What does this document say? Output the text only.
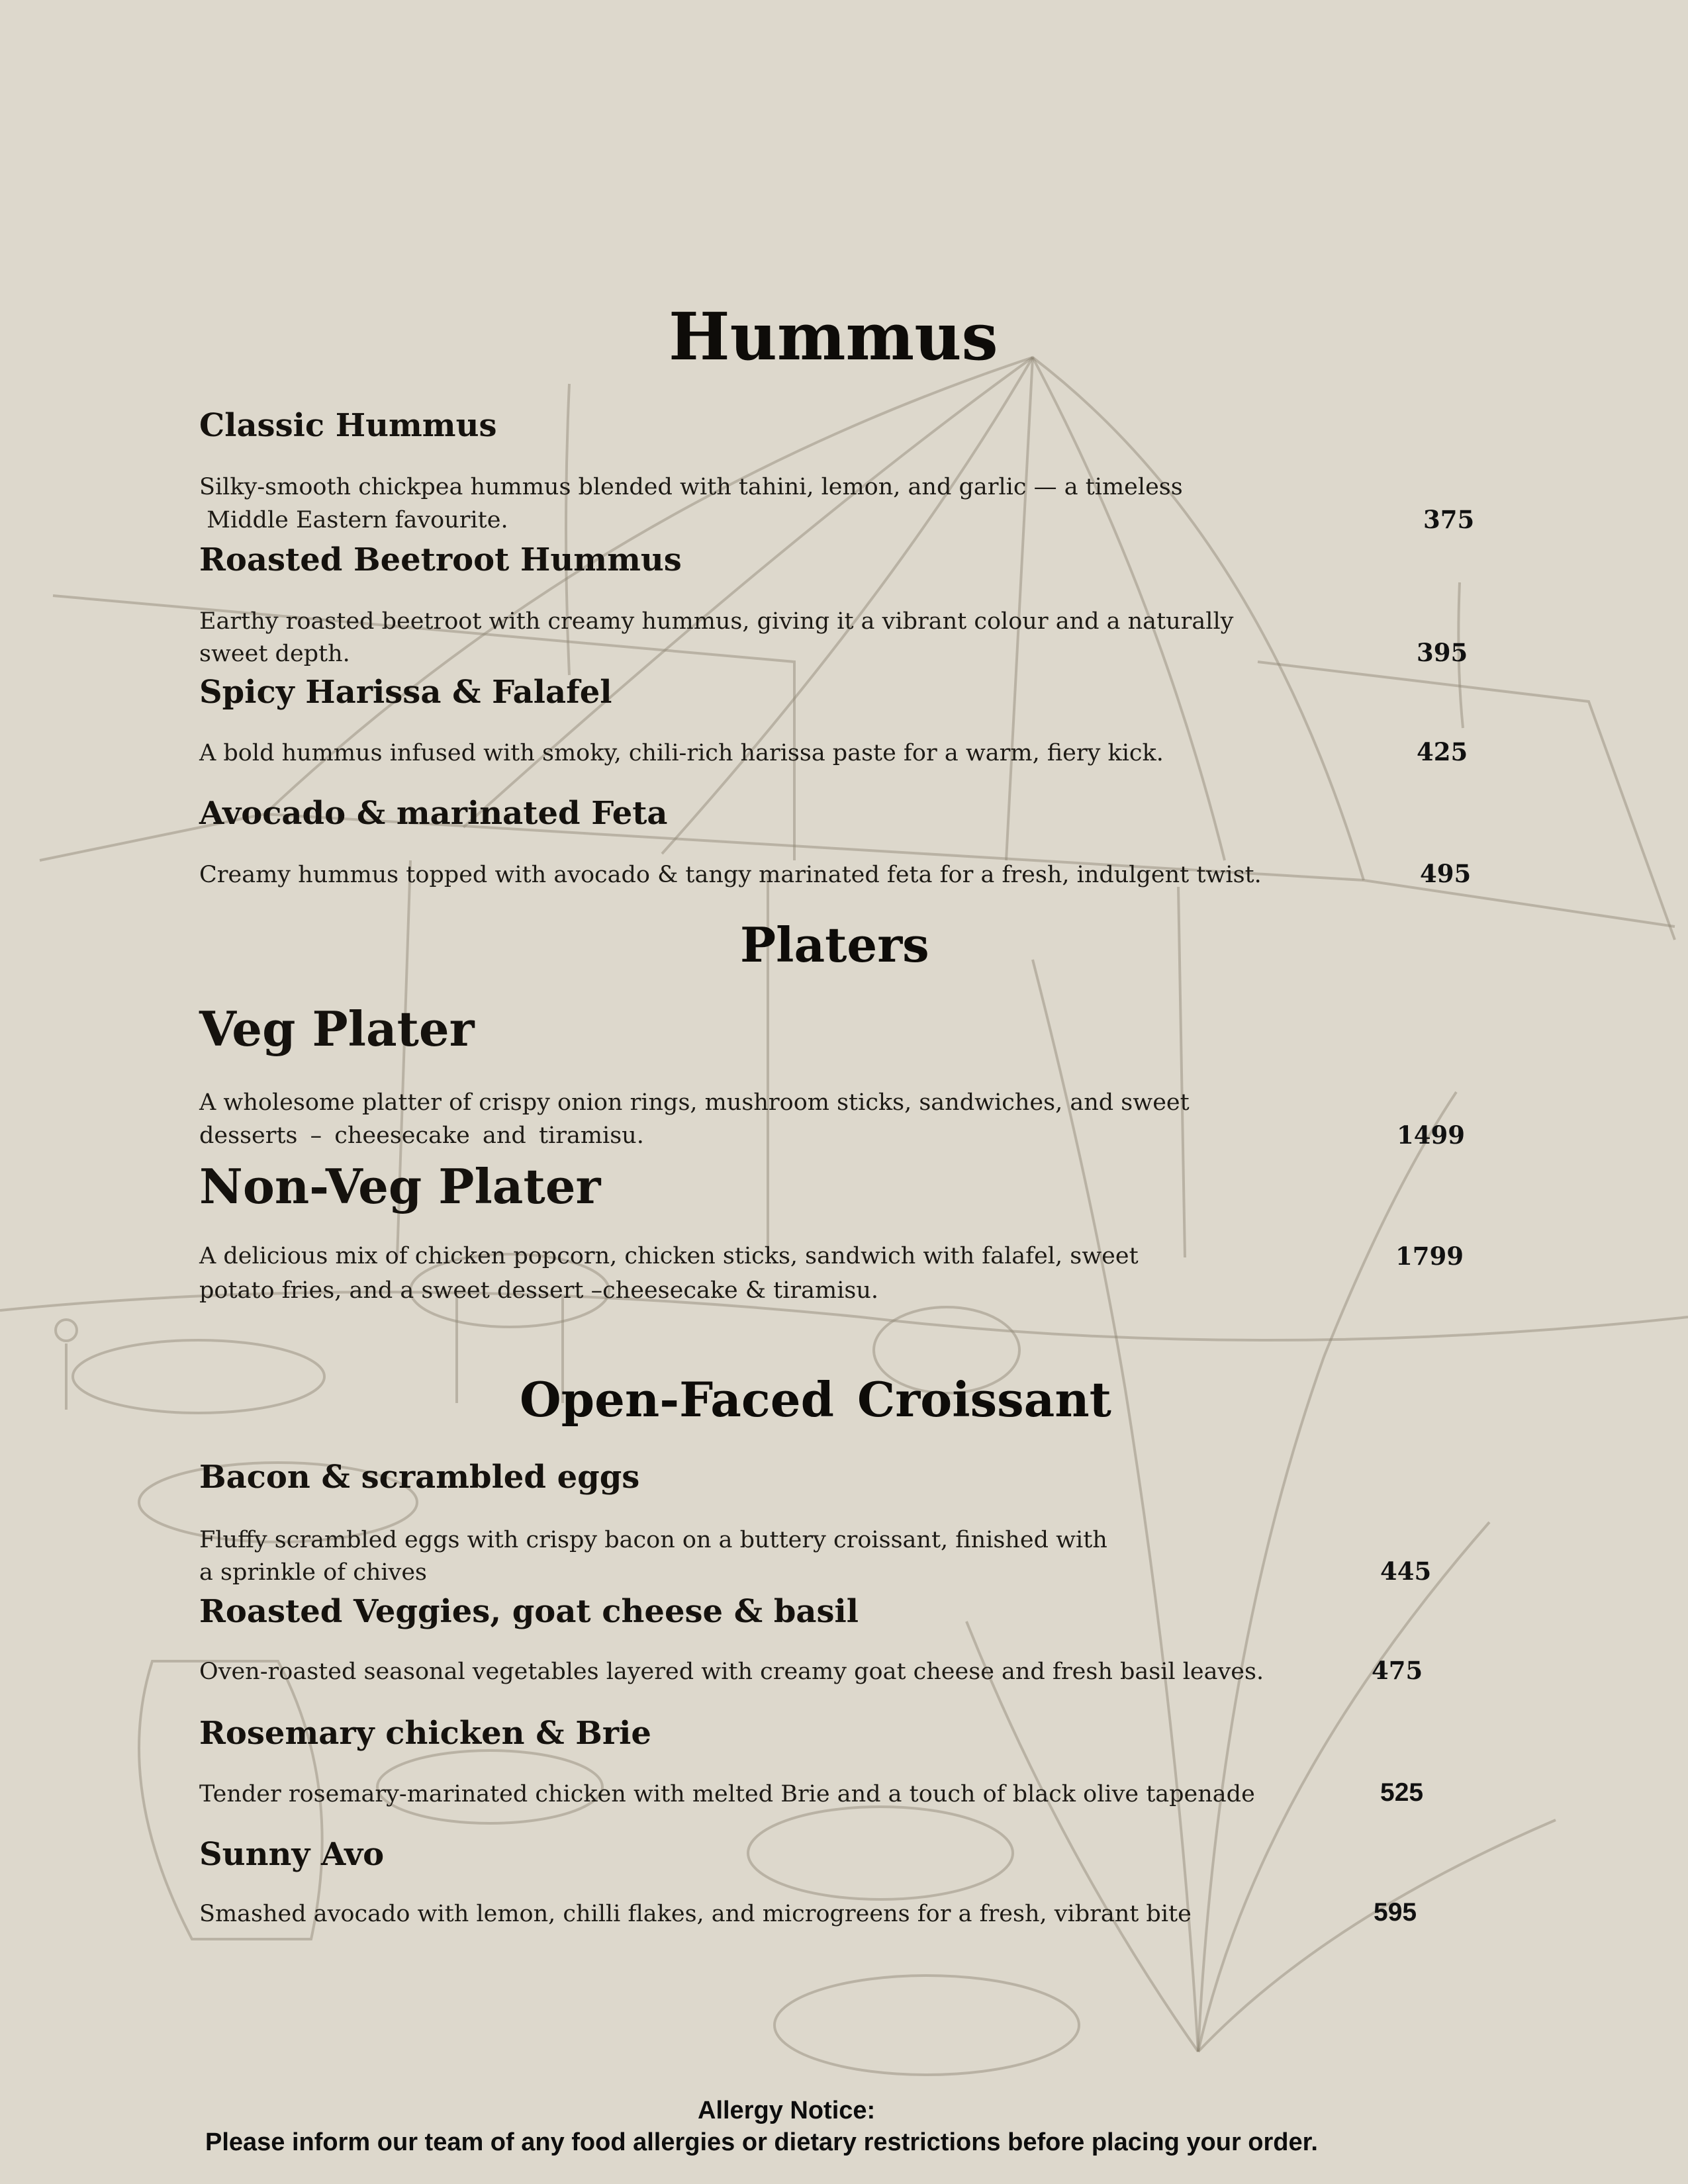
Hummus
Classic Hummus
Silky-smooth chickpea hummus blended with tahini, lemon, and garlic — a timeless
Middle Eastern favourite.	375
Roasted Beetroot Hummus
Earthy roasted beetroot with creamy hummus, giving it a vibrant colour and a naturally
sweet depth.	395
Spicy Harissa & Falafel
A bold hummus infused with smoky, chili-rich harissa paste for a warm, fiery kick.	425
Avocado & marinated Feta
Creamy hummus topped with avocado & tangy marinated feta for a fresh, indulgent twist.	495
Platers
Veg Plater
A wholesome platter of crispy onion rings, mushroom sticks, sandwiches, and sweet
desserts – cheesecake and tiramisu.	1499
Non-Veg Plater
A delicious mix of chicken popcorn, chicken sticks, sandwich with falafel, sweet
potato fries, and a sweet dessert –cheesecake & tiramisu.
1799
Open-Faced Croissant
Bacon & scrambled eggs
Fluffy scrambled eggs with crispy bacon on a buttery croissant, finished with
a sprinkle of chives	445
Roasted Veggies, goat cheese & basil
Oven-roasted seasonal vegetables layered with creamy goat cheese and fresh basil leaves.	475
Rosemary chicken & Brie
Tender rosemary-marinated chicken with melted Brie and a touch of black olive tapenade	525
Sunny Avo
Smashed avocado with lemon, chilli flakes, and microgreens for a fresh, vibrant bite	595
Allergy Notice:
Please inform our team of any food allergies or dietary restrictions before placing your order.
